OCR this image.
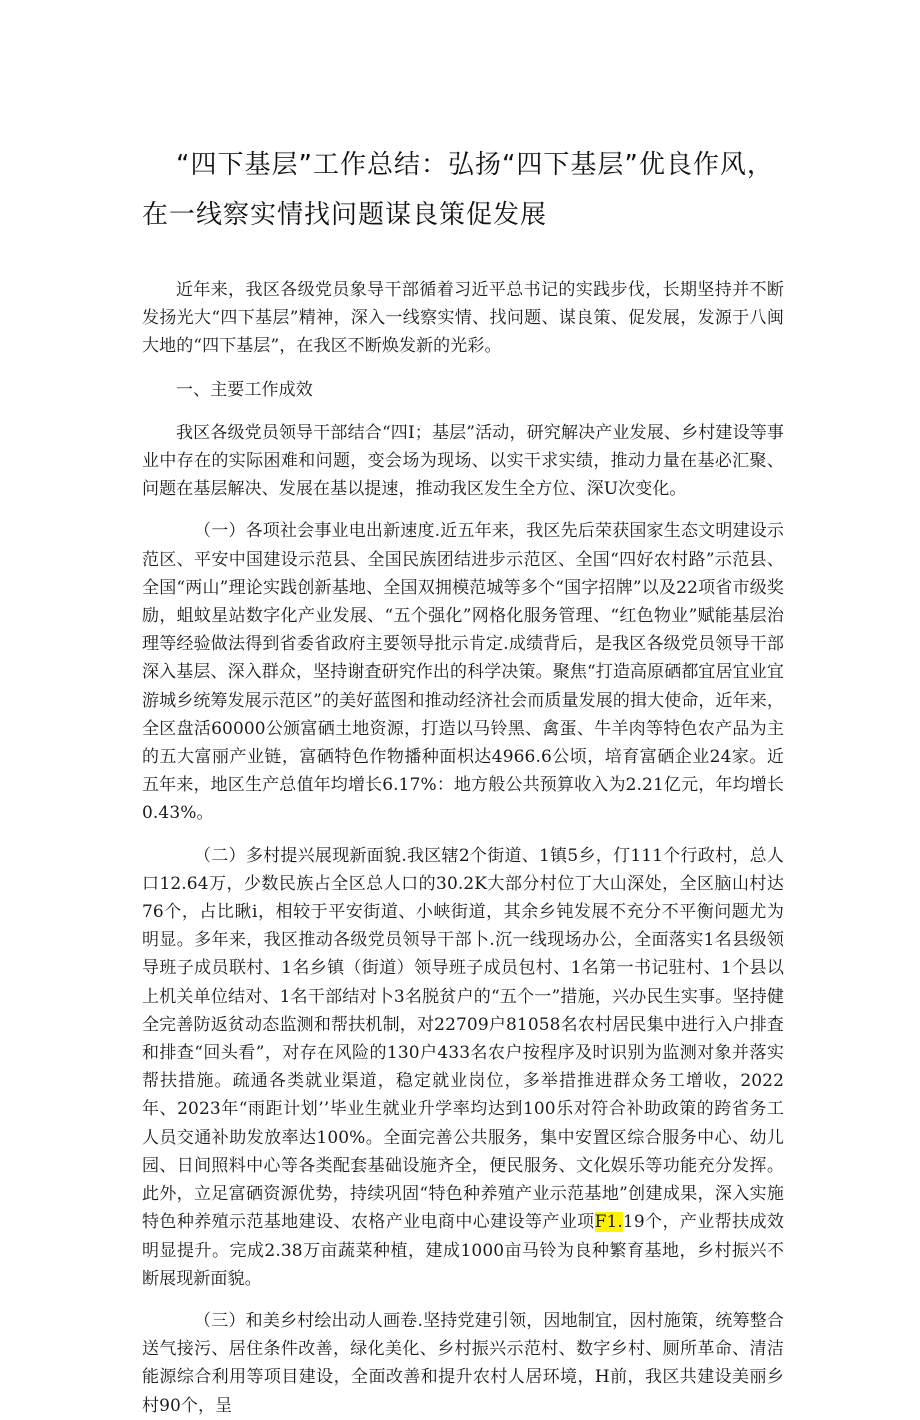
“四下基层”工作总结：弘扬“四下基层”优良作风，
在一线察实情找问题谋良策促发展

近年来，我区各级党员象导干部循着习近平总书记的实践步伐，长期坚持并不断发扬光大“四下基层”精神，深入一线察实情、找问题、谋良策、促发展，发源于八闽大地的“四下基层”，在我区不断焕发新的光彩。

一、主要工作成效

我区各级党员领导干部结合“四I；基层”活动，研究解决产业发展、乡村建设等事业中存在的实际困难和问题，变会场为现场、以实干求实绩，推动力量在基必汇聚、问题在基层解决、发展在基以提速，推动我区发生全方位、深U次变化。

（一）各项社会事业电出新速度.近五年来，我区先后荣获国家生态文明建设示范区、平安中国建设示范县、全国民族团结进步示范区、全国“四好农村路”示范县、全国“两山”理论实践创新基地、全国双拥模范城等多个“国字招牌”以及22项省市级奖励，蛆蚊星站数字化产业发展、“五个强化”网格化服务管理、“红色物业”赋能基层治理等经验做法得到省委省政府主要领导批示肯定.成绩背后，是我区各级党员领导干部深入基层、深入群众，坚持谢査研究作出的科学决策。聚焦“打造高原硒都宜居宜业宜游城乡统筹发展示范区”的美好蓝图和推动经济社会而质量发展的揖大使命，近年来，全区盘活60000公颁富硒土地资源，打造以马铃黑、禽蛋、牛羊肉等特色农产品为主的五大富丽产业链，富硒特色作物播种面枳达4966.6公顷，培育富硒企业24家。近五年来，地区生产总值年均增长6.17%：地方般公共预算收入为2.21亿元，年均增长0.43%。

（二）多村提兴展现新面貌.我区辖2个街道、1镇5乡，仃111个行政村，总人口12.64万，少数民族占全区总人口的30.2K大部分村位丁大山深处，全区脑山村达76个，占比瞅i，相较于平安街道、小峡街道，其余乡钝发展不充分不平衡问题尤为明显。多年来，我区推动各级党员领导干部卜.沉一线现场办公，全面落实1名县级领导班子成员联村、1名乡镇（街道）领导班子成员包村、1名第一书记驻村、1个县以上机关单位结对、1名干部结对卜3名脱贫户的“五个一”措施，兴办民生实事。坚持健全完善防返贫动态监测和帮扶机制，对22709户81058名农村居民集中进行入户排査和排查“回头看”，对存在风险的130户433名农户按程序及时识别为监测对象并落实帮扶措施。疏通各类就业渠道，稳定就业岗位，多举措推进群众务工增收，2022年、2023年“雨距计划’’毕业生就业升学率均达到100乐对符合补助政策的跨省务工人员交通补助发放率达100%。全面完善公共服务，集中安置区综合服务中心、幼儿园、日间照料中心等各类配套基础设施齐全，便民服务、文化娱乐等功能充分发挥。此外，立足富硒资源优势，持续巩固“特色种养殖产业示范基地”创建成果，深入实施特色种养殖示范基地建设、农格产业电商中心建设等产业项F1.19个，产业帮扶成效明显提升。完成2.38万亩蔬菜种植，建成1000亩马铃为良种繁育基地，乡村振兴不断展现新面貌。

（三）和美乡村绘出动人画卷.坚持党建引领，因地制宜，因村施策，统筹整合送气接污、居住条件改善，绿化美化、乡村振兴示范村、数字乡村、厕所革命、清洁能源综合利用等项目建设，全面改善和提升农村人居环境，H前，我区共建设美丽乡村90个，呈
